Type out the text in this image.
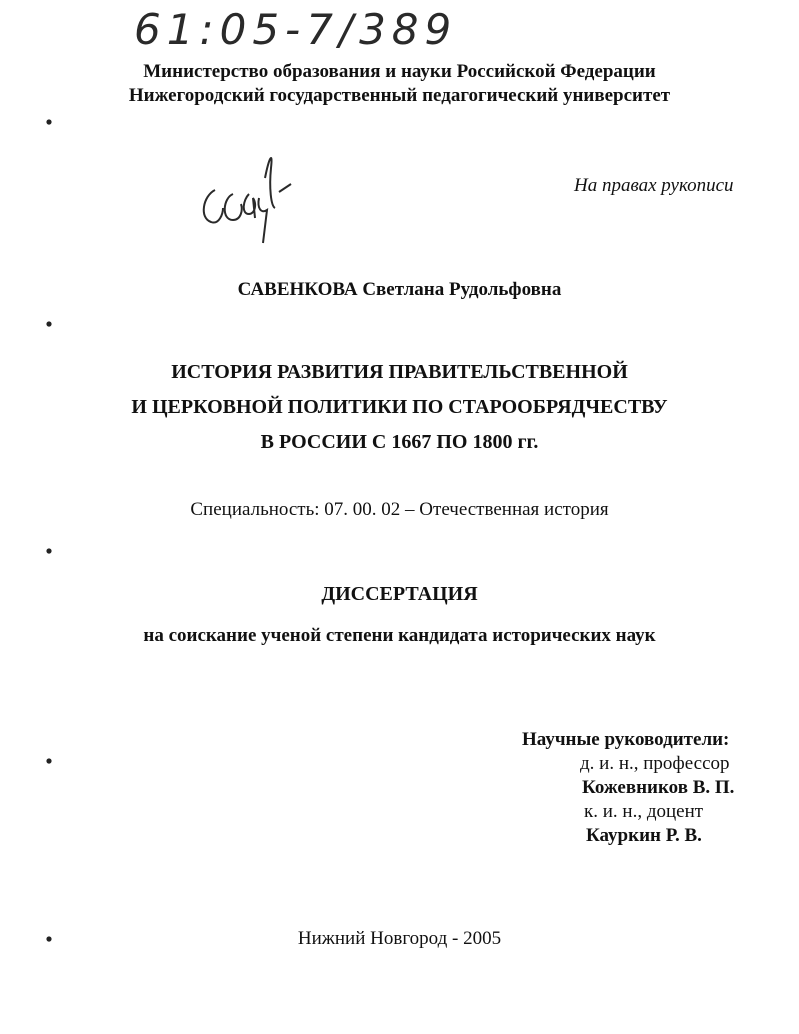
61:05-7/389
Министерство образования и науки Российской Федерации
Нижегородский государственный педагогический университет
На правах рукописи
САВЕНКОВА Светлана Рудольфовна
ИСТОРИЯ РАЗВИТИЯ ПРАВИТЕЛЬСТВЕННОЙ
И ЦЕРКОВНОЙ ПОЛИТИКИ ПО СТАРООБРЯДЧЕСТВУ
В РОССИИ С 1667 ПО 1800 гг.
Специальность: 07. 00. 02 – Отечественная история
ДИССЕРТАЦИЯ
на соискание ученой степени кандидата исторических наук
Научные руководители:
д. и. н., профессор
Кожевников В. П.
к. и. н., доцент
Кауркин Р. В.
Нижний Новгород - 2005
